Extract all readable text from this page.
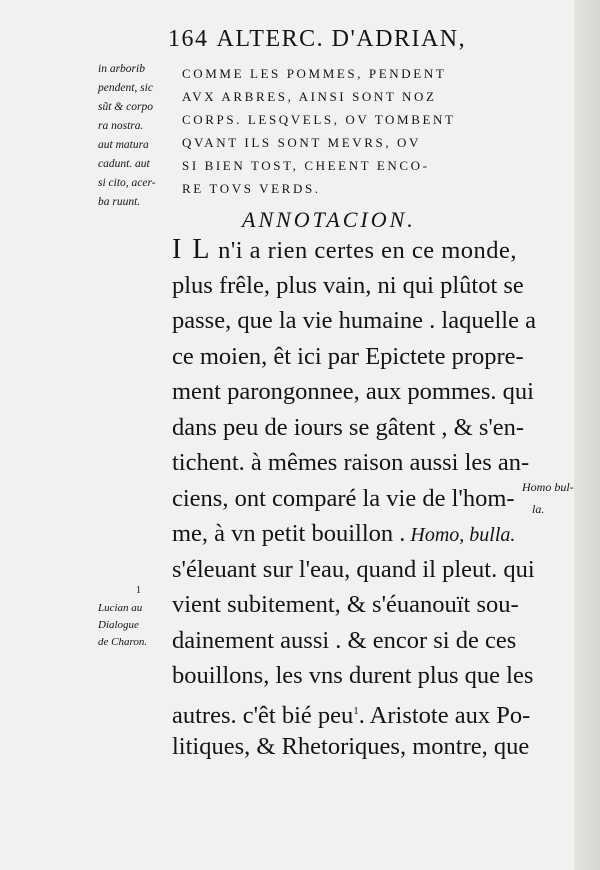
164 ALTERC. D'ADRIAN,
in arborib
pendent, sic
sũt & corpo
ra nostra.
aut matura
cadunt. aut
si cito, acer-
ba ruunt.
COMME LES POMMES, PENDENT
AVX ARBRES, AINSI SONT NOZ
CORPS. LESQVELS, OV TOMBENT
QVANT ILS SONT MEVRS, OV
SI BIEN TOST, CHEENT ENCO-
RE TOVS VERDS.
ANNOTACION.
I L n'i a rien certes en ce monde,
plus frêle, plus vain, ni qui plûtot se
passe, que la vie humaine . laquelle a
ce moien, êt ici par Epictete propre-
ment parongonnee, aux pommes. qui
dans peu de iours se gâtent , & s'en-
tichent. à mêmes raison aussi les an-
ciens, ont comparé la vie de l'hom-
me, à vn petit bouillon . Homo, bulla.
s'éleuant sur l'eau, quand il pleut. qui
vient subitement, & s'éuanouït sou-
dainement aussi . & encor si de ces
bouillons, les vns durent plus que les
autres. c'êt bié peu$^1$. Aristote aux Po-
litiques, & Rhetoriques, montre, que
Homo bul-
la.
1
Lucian au
Dialogue
de Charon.
